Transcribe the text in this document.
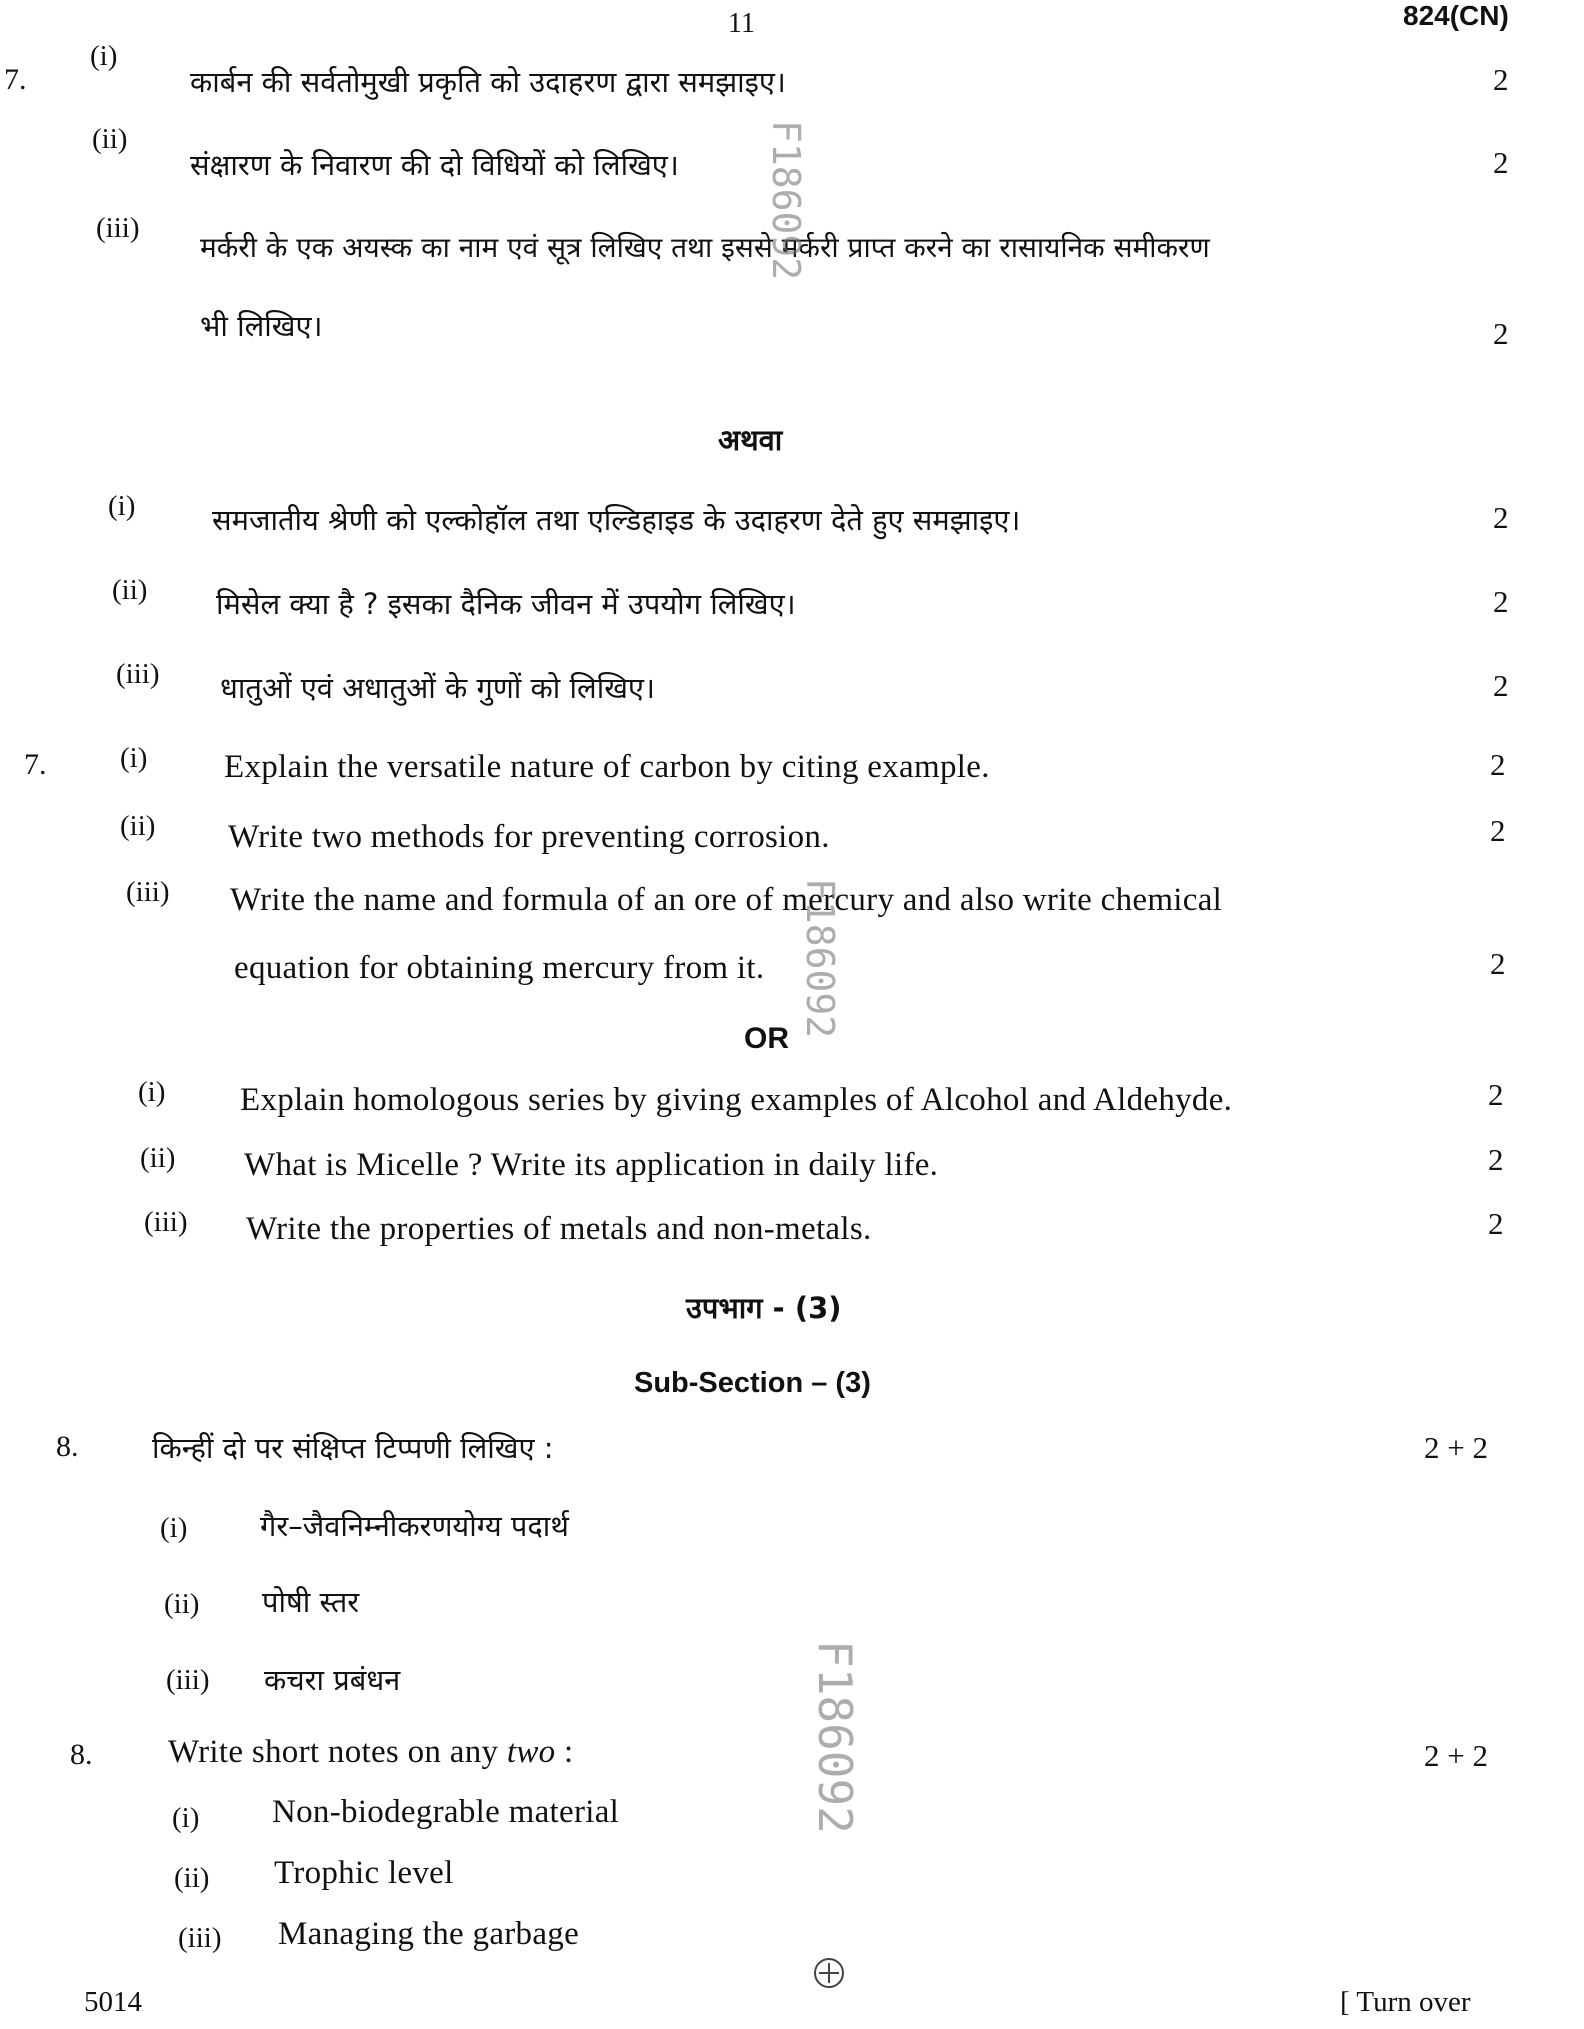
11	824(CN)
7.
(i)
कार्बन की सर्वतोमुखी प्रकृति को उदाहरण द्वारा समझाइए।	2
(ii)
संक्षारण के निवारण की दो विधियों को लिखिए।	2
(iii)
मर्करी के एक अयस्क का नाम एवं सूत्र लिखिए तथा इससे मर्करी प्राप्त करने का रासायनिक समीकरण
भी लिखिए।	2
अथवा
(i)	समजातीय श्रेणी को एल्कोहॉल तथा एल्डिहाइड के उदाहरण देते हुए समझाइए।	2
(ii) मिसेल क्या है ? इसका दैनिक जीवन में उपयोग लिखिए।	2
(iii) धातुओं एवं अधातुओं के गुणों को लिखिए।	2
7.	(i) Explain the versatile nature of carbon by citing example.	2
(ii) Write two methods for preventing corrosion.	2
(iii) Write the name and formula of an ore of mercury and also write chemical
equation for obtaining mercury from it.	2
OR
(i) Explain homologous series by giving examples of Alcohol and Aldehyde.	2
(ii) What is Micelle ? Write its application in daily life.	2
(iii) Write the properties of metals and non-metals.	2
उपभाग - (3)
Sub-Section – (3)
8.	किन्हीं दो पर संक्षिप्त टिप्पणी लिखिए :	2 + 2
(i)	गैर–जैवनिम्नीकरणयोग्य पदार्थ
(ii) पोषी स्तर
(iii) कचरा प्रबंधन
8. Write short notes on any two :	2 + 2
(i) Non-biodegrable material
(ii) Trophic level
(iii) Managing the garbage
F186092
F186092
F186092
5014	[ Turn over
